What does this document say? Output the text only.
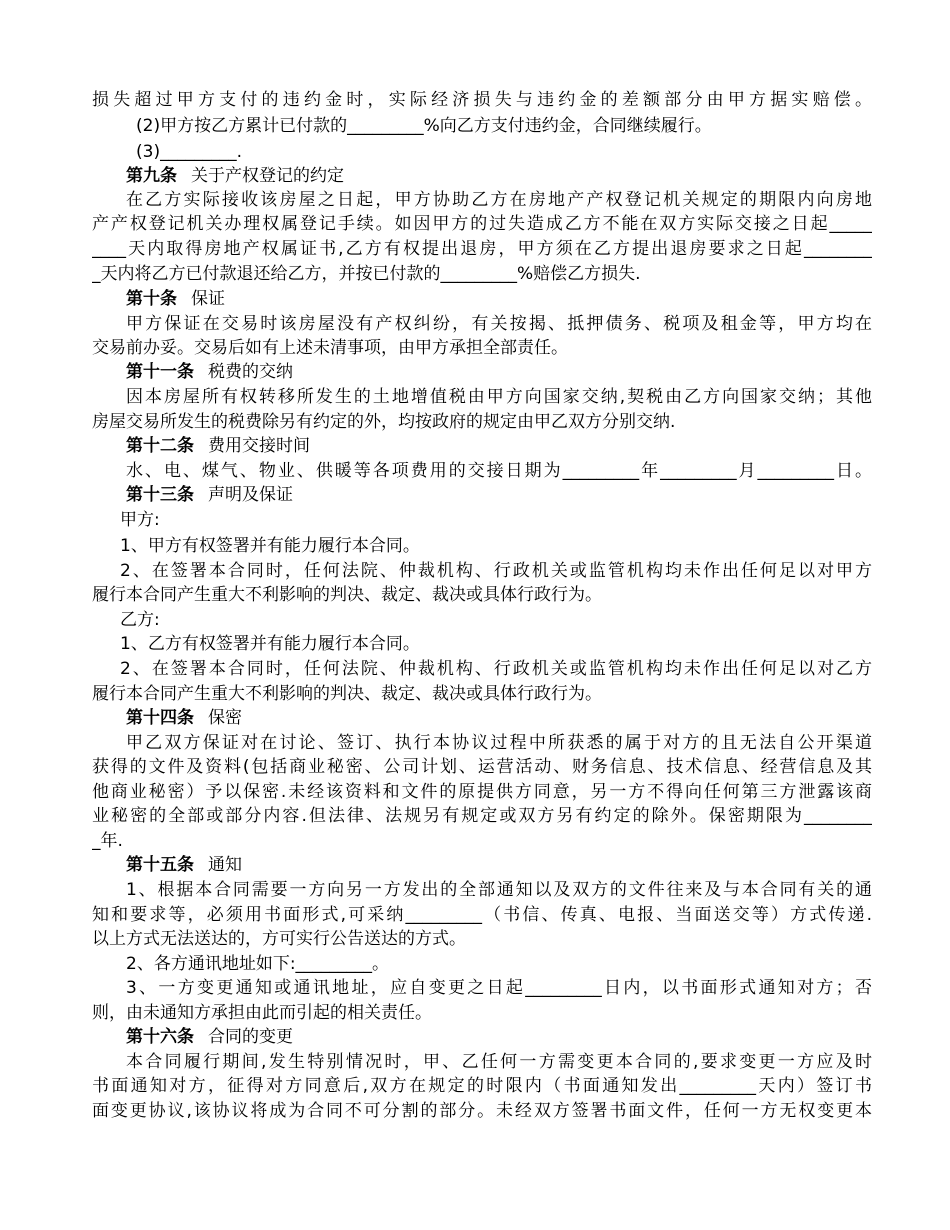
损失超过甲方支付的违约金时，实际经济损失与违约金的差额部分由甲方据实赔偿。
(2)甲方按乙方累计已付款的_________%向乙方支付违约金，合同继续履行。
(3)_________.
第九条 关于产权登记的约定
在乙方实际接收该房屋之日起，甲方协助乙方在房地产产权登记机关规定的期限内向房地
产产权登记机关办理权属登记手续。如因甲方的过失造成乙方不能在双方实际交接之日起_____
____天内取得房地产权属证书,乙方有权提出退房，甲方须在乙方提出退房要求之日起________
_天内将乙方已付款退还给乙方，并按已付款的_________%赔偿乙方损失.
第十条 保证
甲方保证在交易时该房屋没有产权纠纷，有关按揭、抵押债务、税项及租金等，甲方均在
交易前办妥。交易后如有上述未清事项，由甲方承担全部责任。
第十一条 税费的交纳
因本房屋所有权转移所发生的土地增值税由甲方向国家交纳,契税由乙方向国家交纳；其他
房屋交易所发生的税费除另有约定的外，均按政府的规定由甲乙双方分别交纳.
第十二条 费用交接时间
水、电、煤气、物业、供暖等各项费用的交接日期为_________年_________月_________日。
第十三条 声明及保证
甲方:
1、甲方有权签署并有能力履行本合同。
2、在签署本合同时，任何法院、仲裁机构、行政机关或监管机构均未作出任何足以对甲方
履行本合同产生重大不利影响的判决、裁定、裁决或具体行政行为。
乙方:
1、乙方有权签署并有能力履行本合同。
2、在签署本合同时，任何法院、仲裁机构、行政机关或监管机构均未作出任何足以对乙方
履行本合同产生重大不利影响的判决、裁定、裁决或具体行政行为。
第十四条 保密
甲乙双方保证对在讨论、签订、执行本协议过程中所获悉的属于对方的且无法自公开渠道
获得的文件及资料(包括商业秘密、公司计划、运营活动、财务信息、技术信息、经营信息及其
他商业秘密）予以保密.未经该资料和文件的原提供方同意，另一方不得向任何第三方泄露该商
业秘密的全部或部分内容.但法律、法规另有规定或双方另有约定的除外。保密期限为________
_年.
第十五条 通知
1、根据本合同需要一方向另一方发出的全部通知以及双方的文件往来及与本合同有关的通
知和要求等，必须用书面形式,可采纳_________（书信、传真、电报、当面送交等）方式传递.
以上方式无法送达的，方可实行公告送达的方式。
2、各方通讯地址如下:_________。
3、一方变更通知或通讯地址，应自变更之日起_________日内，以书面形式通知对方；否
则，由未通知方承担由此而引起的相关责任。
第十六条 合同的变更
本合同履行期间,发生特别情况时，甲、乙任何一方需变更本合同的,要求变更一方应及时
书面通知对方，征得对方同意后,双方在规定的时限内（书面通知发出_________天内）签订书
面变更协议,该协议将成为合同不可分割的部分。未经双方签署书面文件，任何一方无权变更本
